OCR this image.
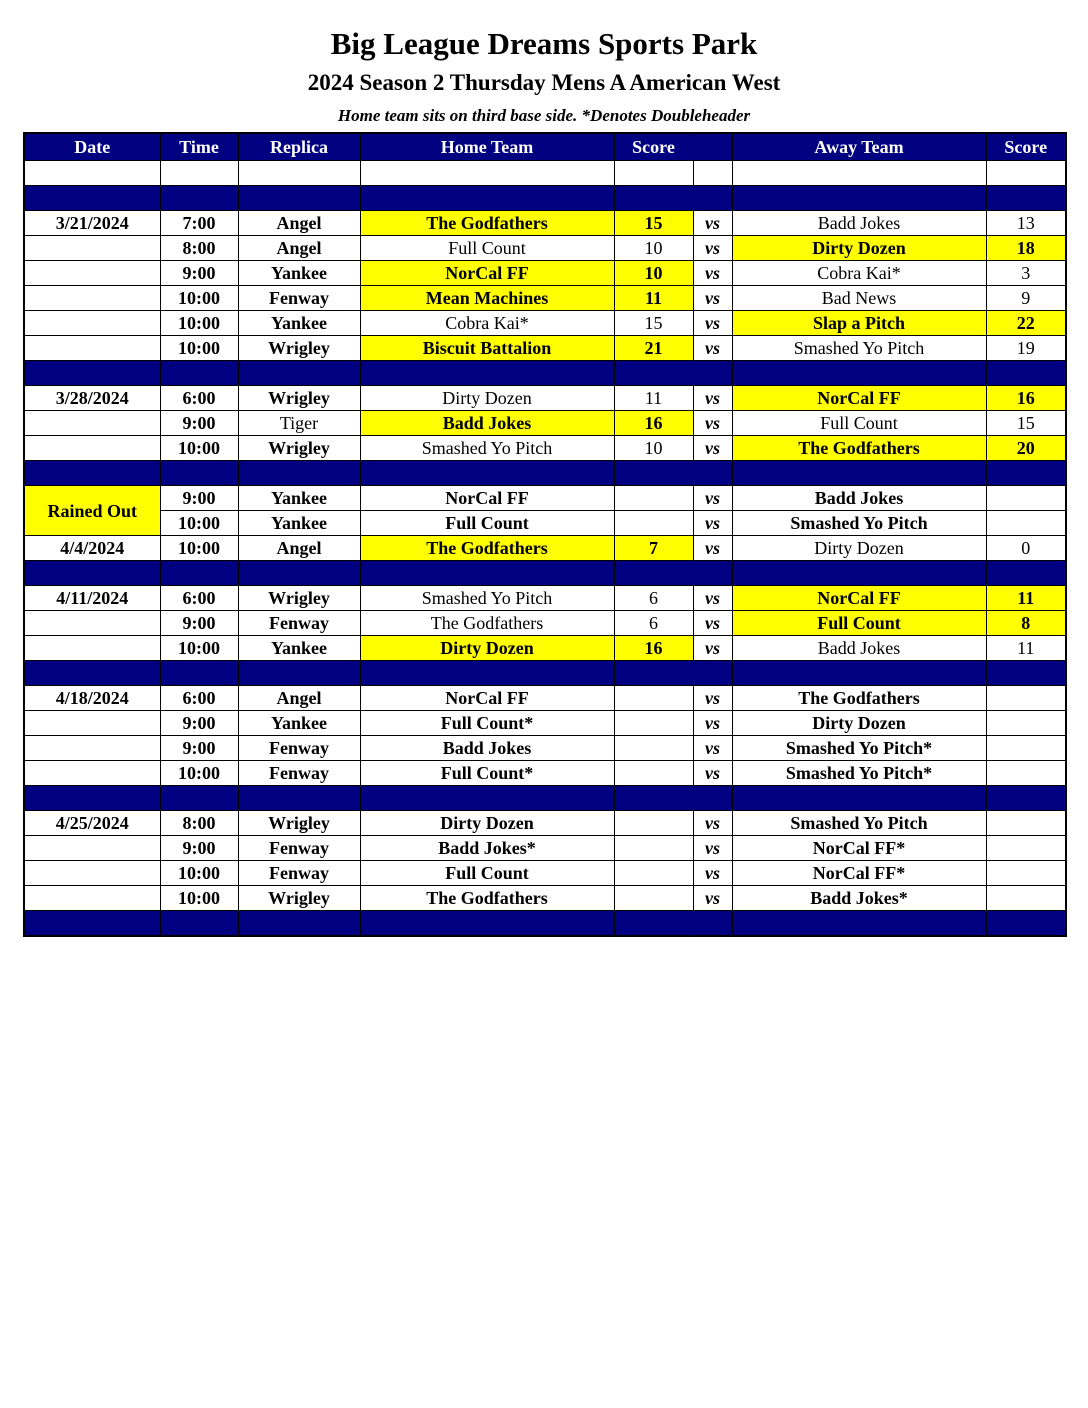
Big League Dreams Sports Park
2024 Season 2 Thursday Mens A American West
Home team sits on third base side. *Denotes Doubleheader
Date	Time	Replica	Home Team	Score		Away Team	Score

3/21/2024	7:00	Angel	The Godfathers	15	vs	Badd Jokes	13
	8:00	Angel	Full Count	10	vs	Dirty Dozen	18
	9:00	Yankee	NorCal FF	10	vs	Cobra Kai*	3
	10:00	Fenway	Mean Machines	11	vs	Bad News	9
	10:00	Yankee	Cobra Kai*	15	vs	Slap a Pitch	22
	10:00	Wrigley	Biscuit Battalion	21	vs	Smashed Yo Pitch	19

3/28/2024	6:00	Wrigley	Dirty Dozen	11	vs	NorCal FF	16
	9:00	Tiger	Badd Jokes	16	vs	Full Count	15
	10:00	Wrigley	Smashed Yo Pitch	10	vs	The Godfathers	20

Rained Out	9:00	Yankee	NorCal FF		vs	Badd Jokes	
	10:00	Yankee	Full Count		vs	Smashed Yo Pitch	
4/4/2024	10:00	Angel	The Godfathers	7	vs	Dirty Dozen	0

4/11/2024	6:00	Wrigley	Smashed Yo Pitch	6	vs	NorCal FF	11
	9:00	Fenway	The Godfathers	6	vs	Full Count	8
	10:00	Yankee	Dirty Dozen	16	vs	Badd Jokes	11

4/18/2024	6:00	Angel	NorCal FF		vs	The Godfathers	
	9:00	Yankee	Full Count*		vs	Dirty Dozen	
	9:00	Fenway	Badd Jokes		vs	Smashed Yo Pitch*	
	10:00	Fenway	Full Count*		vs	Smashed Yo Pitch*	

4/25/2024	8:00	Wrigley	Dirty Dozen		vs	Smashed Yo Pitch	
	9:00	Fenway	Badd Jokes*		vs	NorCal FF*	
	10:00	Fenway	Full Count		vs	NorCal FF*	
	10:00	Wrigley	The Godfathers		vs	Badd Jokes*	
